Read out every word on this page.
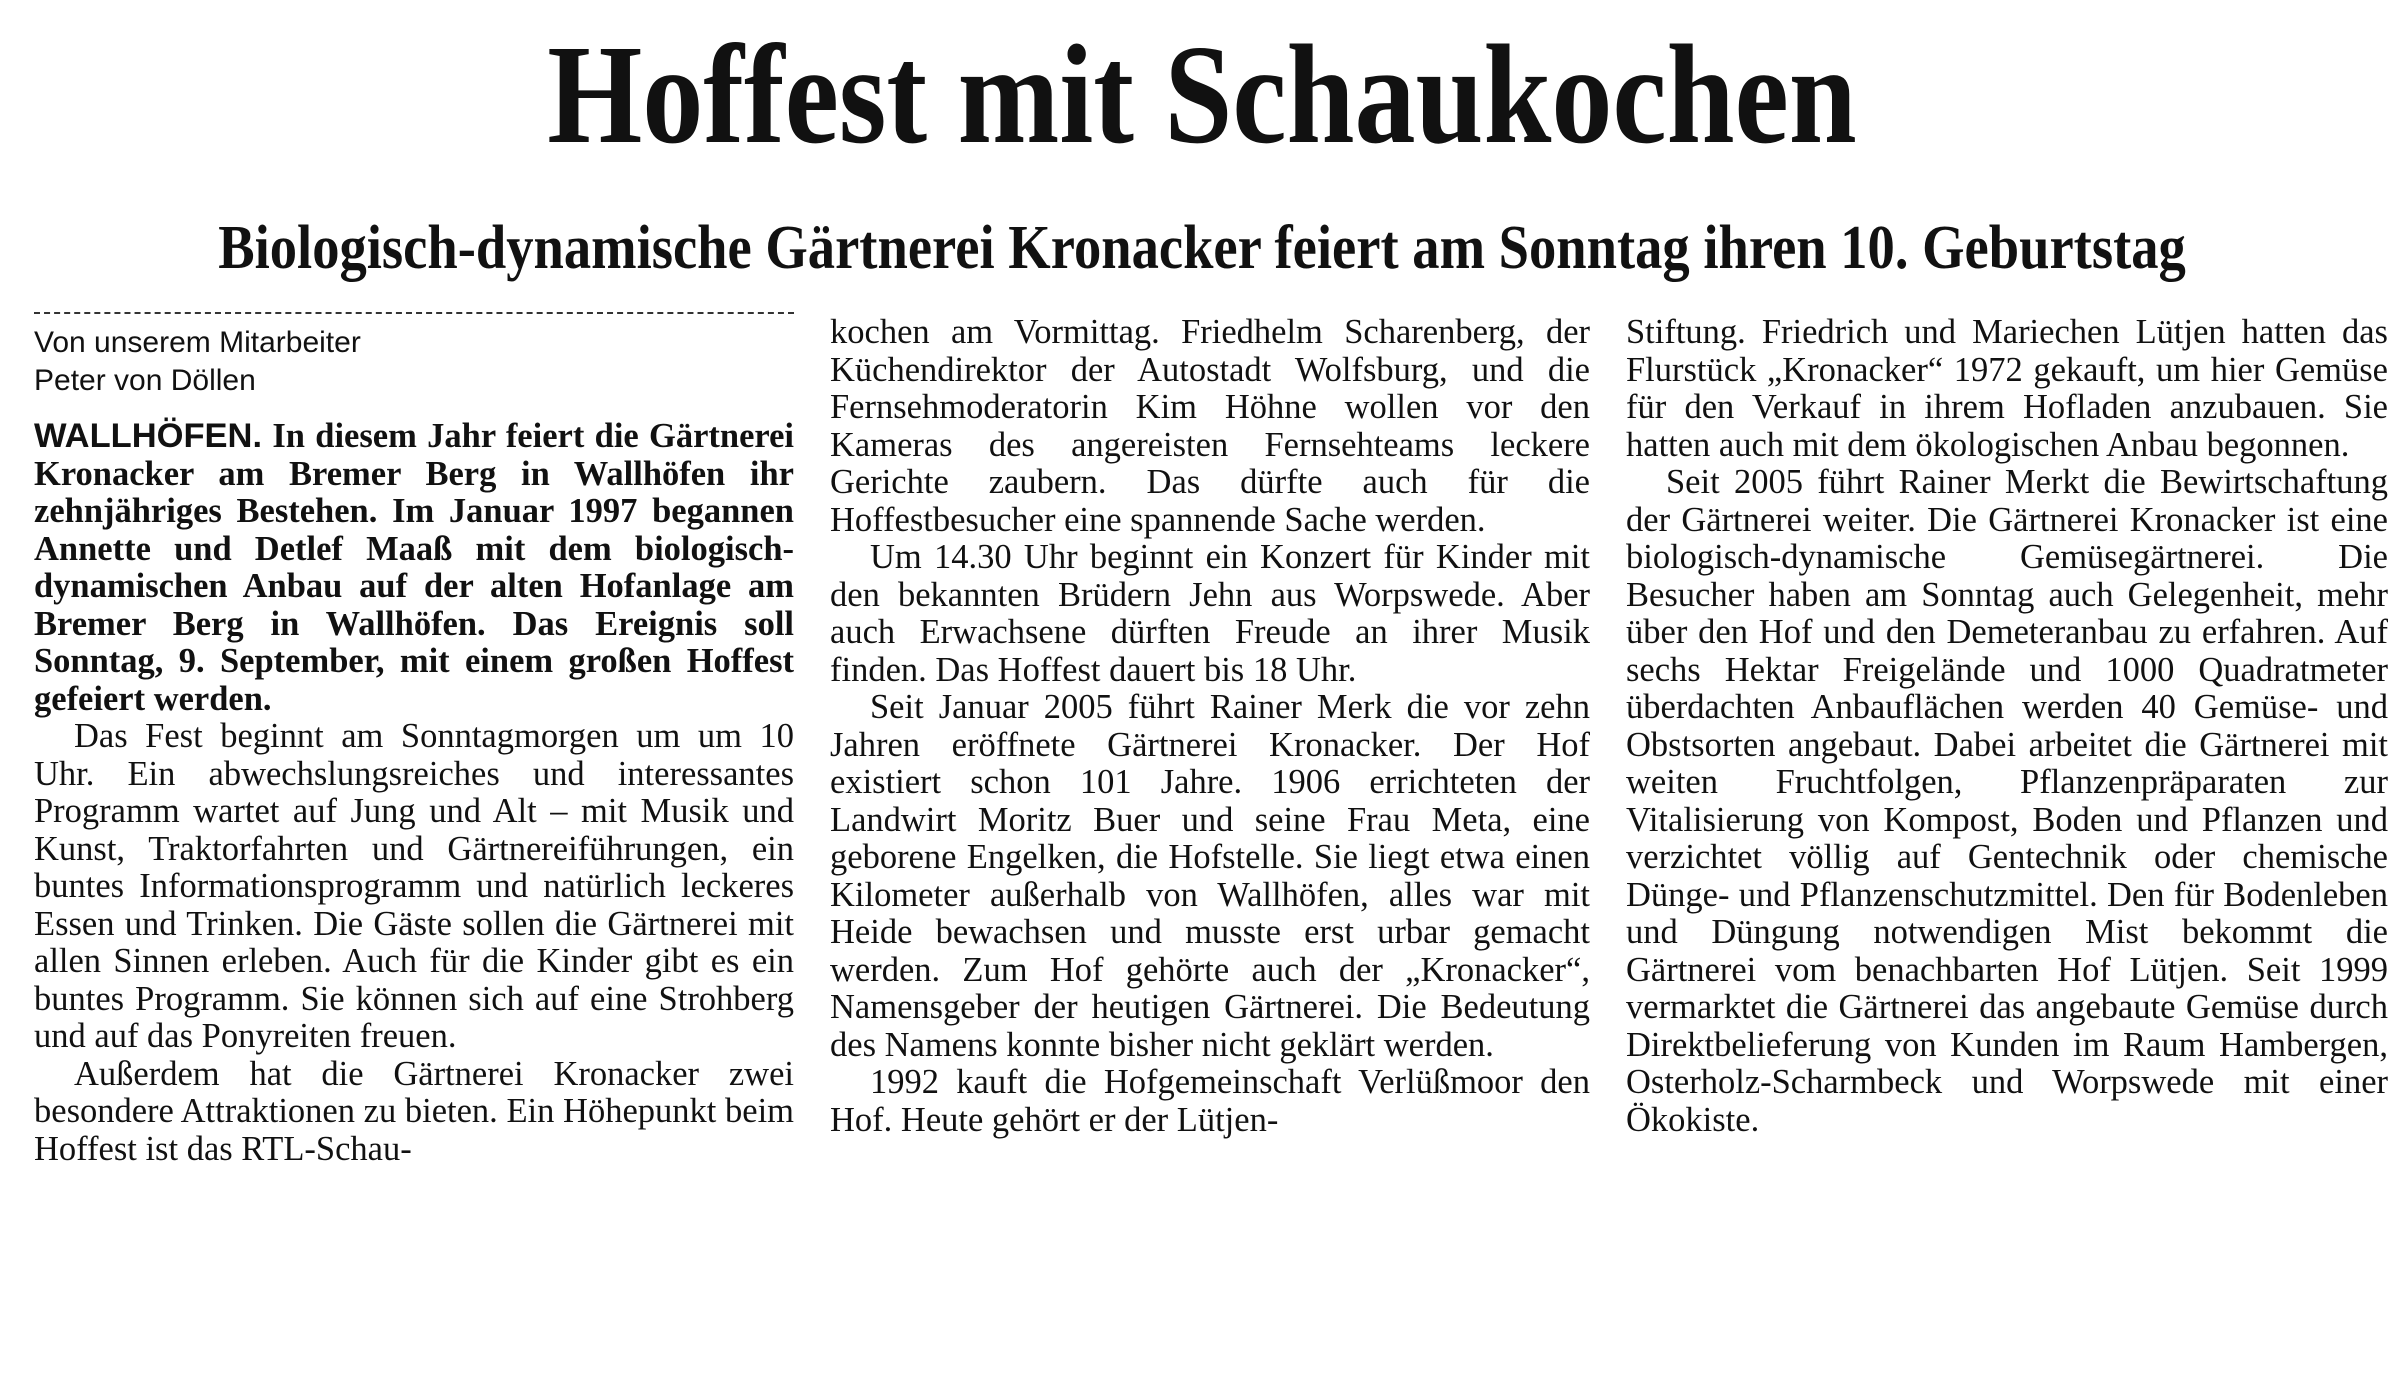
Hoffest mit Schaukochen
Biologisch-dynamische Gärtnerei Kronacker feiert am Sonntag ihren 10. Geburtstag
Von unserem Mitarbeiter
Peter von Döllen

WALLHÖFEN. In diesem Jahr feiert die Gärtnerei Kronacker am Bremer Berg in Wallhöfen ihr zehnjähriges Bestehen. Im Januar 1997 begannen Annette und Detlef Maaß mit dem biologisch-dynamischen Anbau auf der alten Hofanlage am Bremer Berg in Wallhöfen. Das Ereignis soll Sonntag, 9. September, mit einem großen Hoffest gefeiert werden.

Das Fest beginnt am Sonntagmorgen um um 10 Uhr. Ein abwechslungsreiches und interessantes Programm wartet auf Jung und Alt – mit Musik und Kunst, Traktorfahrten und Gärtnereiführungen, ein buntes Informationsprogramm und natürlich leckeres Essen und Trinken. Die Gäste sollen die Gärtnerei mit allen Sinnen erleben. Auch für die Kinder gibt es ein buntes Programm. Sie können sich auf eine Strohberg und auf das Ponyreiten freuen.

Außerdem hat die Gärtnerei Kronacker zwei besondere Attraktionen zu bieten. Ein Höhepunkt beim Hoffest ist das RTL-Schau-

kochen am Vormittag. Friedhelm Scharenberg, der Küchendirektor der Autostadt Wolfsburg, und die Fernsehmoderatorin Kim Höhne wollen vor den Kameras des angereisten Fernsehteams leckere Gerichte zaubern. Das dürfte auch für die Hoffestbesucher eine spannende Sache werden.

Um 14.30 Uhr beginnt ein Konzert für Kinder mit den bekannten Brüdern Jehn aus Worpswede. Aber auch Erwachsene dürften Freude an ihrer Musik finden. Das Hoffest dauert bis 18 Uhr.

Seit Januar 2005 führt Rainer Merk die vor zehn Jahren eröffnete Gärtnerei Kronacker. Der Hof existiert schon 101 Jahre. 1906 errichteten der Landwirt Moritz Buer und seine Frau Meta, eine geborene Engelken, die Hofstelle. Sie liegt etwa einen Kilometer außerhalb von Wallhöfen, alles war mit Heide bewachsen und musste erst urbar gemacht werden. Zum Hof gehörte auch der „Kronacker“, Namensgeber der heutigen Gärtnerei. Die Bedeutung des Namens konnte bisher nicht geklärt werden.

1992 kauft die Hofgemeinschaft Verlüßmoor den Hof. Heute gehört er der Lütjen-

Stiftung. Friedrich und Mariechen Lütjen hatten das Flurstück „Kronacker“ 1972 gekauft, um hier Gemüse für den Verkauf in ihrem Hofladen anzubauen. Sie hatten auch mit dem ökologischen Anbau begonnen.

Seit 2005 führt Rainer Merkt die Bewirtschaftung der Gärtnerei weiter. Die Gärtnerei Kronacker ist eine biologisch-dynamische Gemüsegärtnerei. Die Besucher haben am Sonntag auch Gelegenheit, mehr über den Hof und den Demeteranbau zu erfahren. Auf sechs Hektar Freigelände und 1000 Quadratmeter überdachten Anbauflächen werden 40 Gemüse- und Obstsorten angebaut. Dabei arbeitet die Gärtnerei mit weiten Fruchtfolgen, Pflanzenpräparaten zur Vitalisierung von Kompost, Boden und Pflanzen und verzichtet völlig auf Gentechnik oder chemische Dünge- und Pflanzenschutzmittel. Den für Bodenleben und Düngung notwendigen Mist bekommt die Gärtnerei vom benachbarten Hof Lütjen. Seit 1999 vermarktet die Gärtnerei das angebaute Gemüse durch Direktbelieferung von Kunden im Raum Hambergen, Osterholz-Scharmbeck und Worpswede mit einer Ökokiste.
